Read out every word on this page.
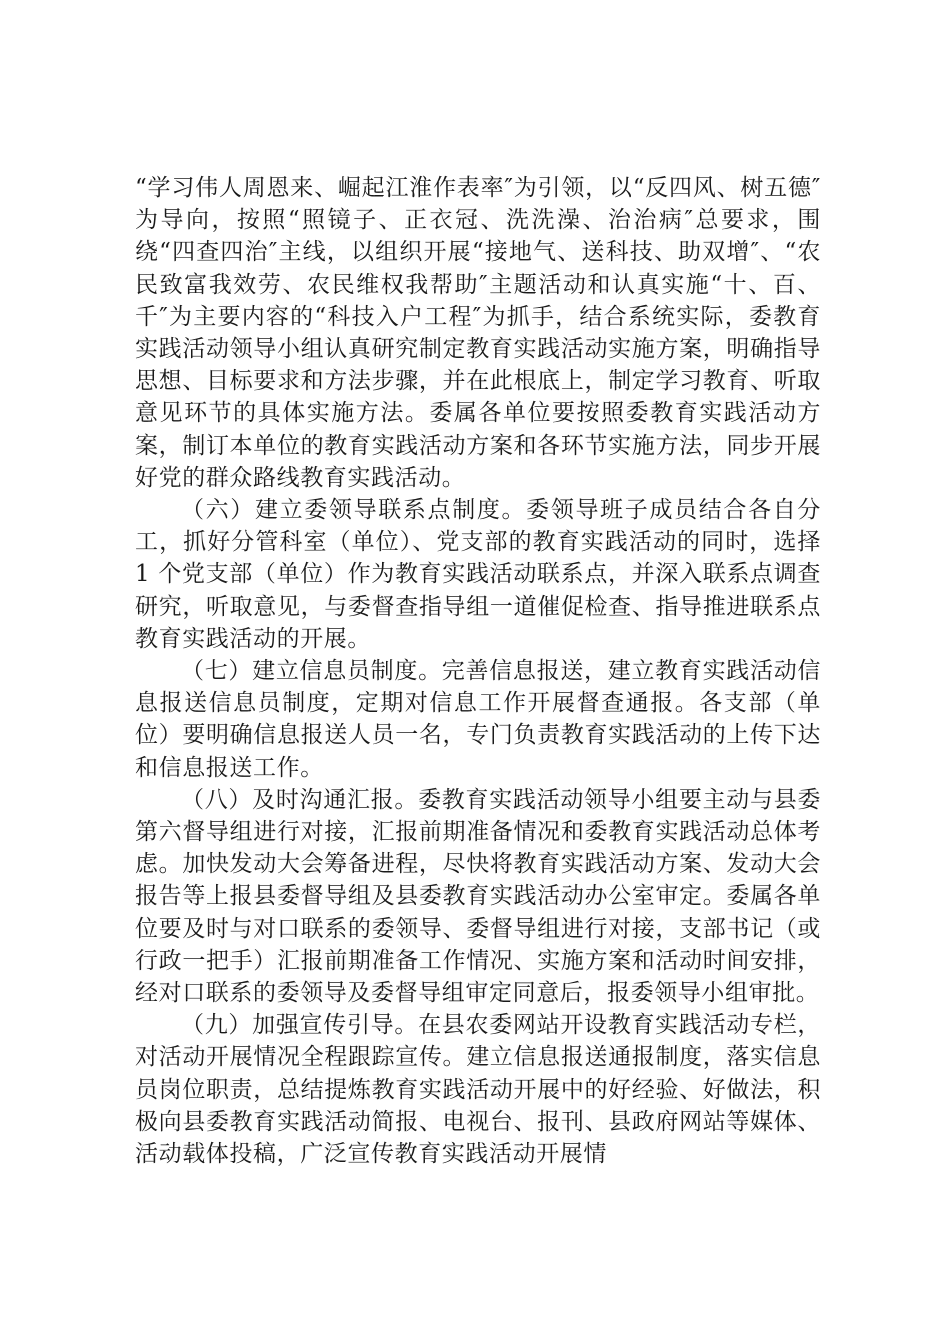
“学习伟人周恩来、崛起江淮作表率″为引领，以“反四风、树五德″为导向，按照“照镜子、正衣冠、洗洗澡、治治病″总要求，围绕“四查四治″主线，以组织开展“接地气、送科技、助双增″、“农民致富我效劳、农民维权我帮助″主题活动和认真实施“十、百、千″为主要内容的“科技入户工程″为抓手，结合系统实际，委教育实践活动领导小组认真研究制定教育实践活动实施方案，明确指导思想、目标要求和方法步骤，并在此根底上，制定学习教育、听取意见环节的具体实施方法。委属各单位要按照委教育实践活动方案，制订本单位的教育实践活动方案和各环节实施方法，同步开展好党的群众路线教育实践活动。

（六）建立委领导联系点制度。委领导班子成员结合各自分工，抓好分管科室（单位）、党支部的教育实践活动的同时，选择 1 个党支部（单位）作为教育实践活动联系点，并深入联系点调查研究，听取意见，与委督查指导组一道催促检查、指导推进联系点教育实践活动的开展。

（七）建立信息员制度。完善信息报送，建立教育实践活动信息报送信息员制度，定期对信息工作开展督查通报。各支部（单位）要明确信息报送人员一名，专门负责教育实践活动的上传下达和信息报送工作。

（八）及时沟通汇报。委教育实践活动领导小组要主动与县委第六督导组进行对接，汇报前期准备情况和委教育实践活动总体考虑。加快发动大会筹备进程，尽快将教育实践活动方案、发动大会报告等上报县委督导组及县委教育实践活动办公室审定。委属各单位要及时与对口联系的委领导、委督导组进行对接，支部书记（或行政一把手）汇报前期准备工作情况、实施方案和活动时间安排，经对口联系的委领导及委督导组审定同意后，报委领导小组审批。

（九）加强宣传引导。在县农委网站开设教育实践活动专栏，对活动开展情况全程跟踪宣传。建立信息报送通报制度，落实信息员岗位职责，总结提炼教育实践活动开展中的好经验、好做法，积极向县委教育实践活动简报、电视台、报刊、县政府网站等媒体、活动载体投稿，广泛宣传教育实践活动开展情
